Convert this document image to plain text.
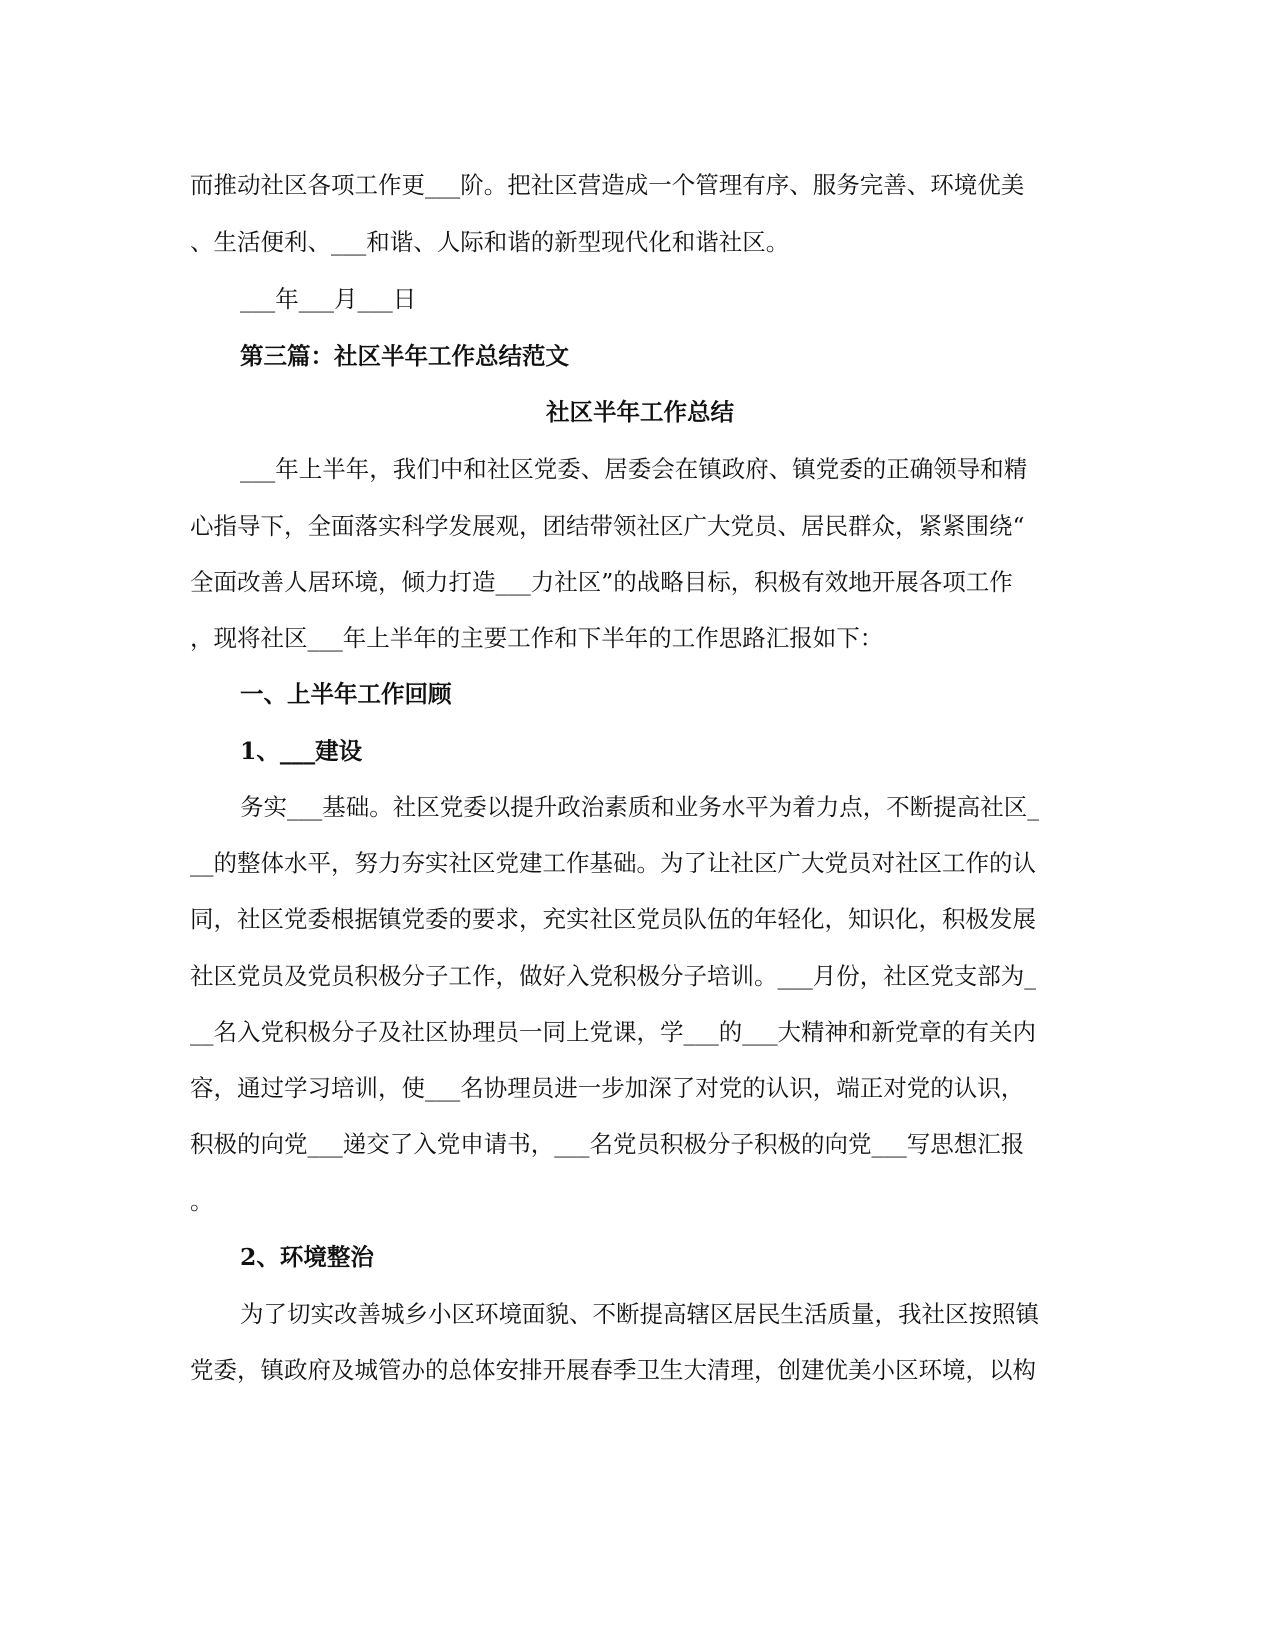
而推动社区各项工作更___阶。把社区营造成一个管理有序、服务完善、环境优美
、生活便利、___和谐、人际和谐的新型现代化和谐社区。
___年___月___日
第三篇：社区半年工作总结范文
社区半年工作总结
___年上半年，我们中和社区党委、居委会在镇政府、镇党委的正确领导和精
心指导下，全面落实科学发展观，团结带领社区广大党员、居民群众，紧紧围绕“
全面改善人居环境，倾力打造___力社区”的战略目标，积极有效地开展各项工作
，现将社区___年上半年的主要工作和下半年的工作思路汇报如下：
一、上半年工作回顾
1、___建设
务实___基础。社区党委以提升政治素质和业务水平为着力点，不断提高社区_
__的整体水平，努力夯实社区党建工作基础。为了让社区广大党员对社区工作的认
同，社区党委根据镇党委的要求，充实社区党员队伍的年轻化，知识化，积极发展
社区党员及党员积极分子工作，做好入党积极分子培训。___月份，社区党支部为_
__名入党积极分子及社区协理员一同上党课，学___的___大精神和新党章的有关内
容，通过学习培训，使___名协理员进一步加深了对党的认识，端正对党的认识，
积极的向党___递交了入党申请书，___名党员积极分子积极的向党___写思想汇报
。
2、环境整治
为了切实改善城乡小区环境面貌、不断提高辖区居民生活质量，我社区按照镇
党委，镇政府及城管办的总体安排开展春季卫生大清理，创建优美小区环境，以构
